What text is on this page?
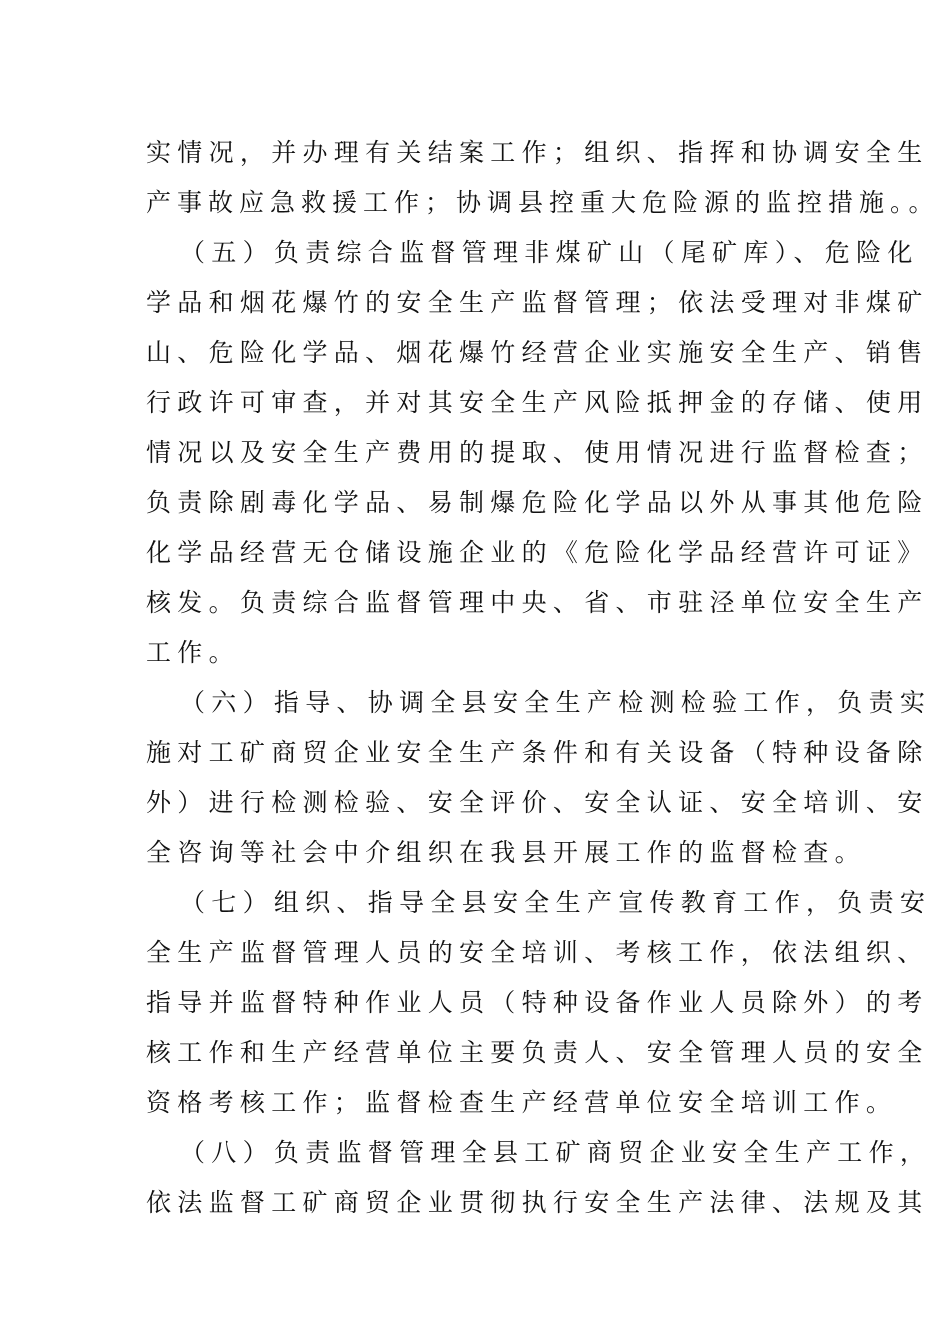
实情况，并办理有关结案工作；组织、指挥和协调安全生
产事故应急救援工作；协调县控重大危险源的监控措施。。
（五）负责综合监督管理非煤矿山（尾矿库）、危险化
学品和烟花爆竹的安全生产监督管理；依法受理对非煤矿
山、危险化学品、烟花爆竹经营企业实施安全生产、销售
行政许可审查，并对其安全生产风险抵押金的存储、使用
情况以及安全生产费用的提取、使用情况进行监督检查；
负责除剧毒化学品、易制爆危险化学品以外从事其他危险
化学品经营无仓储设施企业的《危险化学品经营许可证》
核发。负责综合监督管理中央、省、市驻泾单位安全生产
工作。
（六）指导、协调全县安全生产检测检验工作，负责实
施对工矿商贸企业安全生产条件和有关设备（特种设备除
外）进行检测检验、安全评价、安全认证、安全培训、安
全咨询等社会中介组织在我县开展工作的监督检查。
（七）组织、指导全县安全生产宣传教育工作，负责安
全生产监督管理人员的安全培训、考核工作，依法组织、
指导并监督特种作业人员（特种设备作业人员除外）的考
核工作和生产经营单位主要负责人、安全管理人员的安全
资格考核工作；监督检查生产经营单位安全培训工作。
（八）负责监督管理全县工矿商贸企业安全生产工作，
依法监督工矿商贸企业贯彻执行安全生产法律、法规及其
